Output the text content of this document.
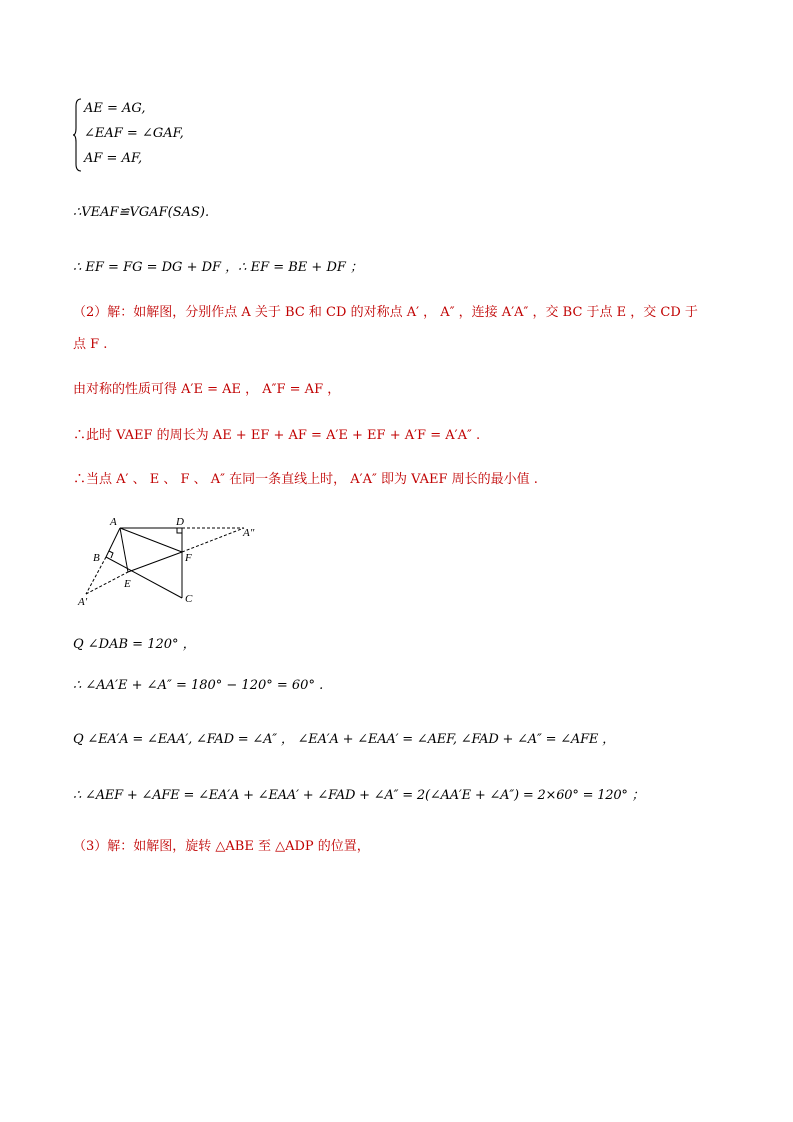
AE = AG,
∠EAF = ∠GAF,
AF = AF,
∴VEAF≌VGAF(SAS).
∴ EF = FG = DG + DF ，∴ EF = BE + DF ；
（2）解：如解图，分别作点 A 关于 BC 和 CD 的对称点 A′ ， A″ ，连接 A′A″ ，交 BC 于点 E ，交 CD 于
点 F .
由对称的性质可得 A′E = AE ， A″F = AF ，
∴此时 VAEF 的周长为 AE + EF + AF = A′E + EF + A′F = A′A″ .
∴当点 A′ 、 E 、 F 、 A″ 在同一条直线上时， A′A″ 即为 VAEF 周长的最小值 .
A	D
A″
B	F
E
A′	C
Q ∠DAB = 120° ，
∴ ∠AA′E + ∠A″ = 180° − 120° = 60° .
Q ∠EA′A = ∠EAA′, ∠FAD = ∠A″ ， ∠EA′A + ∠EAA′ = ∠AEF, ∠FAD + ∠A″ = ∠AFE ，
∴ ∠AEF + ∠AFE = ∠EA′A + ∠EAA′ + ∠FAD + ∠A″ = 2(∠AA′E + ∠A″) = 2×60° = 120° ；
（3）解：如解图，旋转 △ABE 至 △ADP 的位置，
